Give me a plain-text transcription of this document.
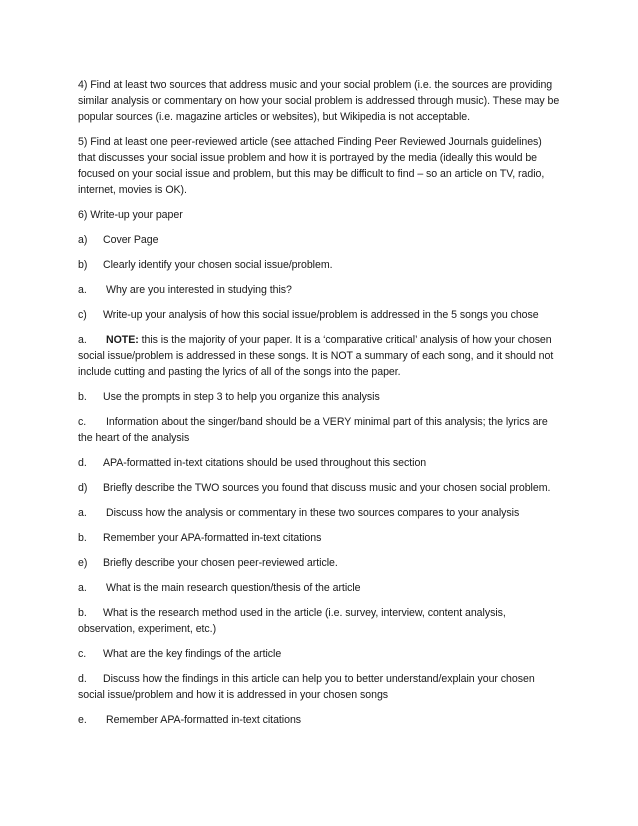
4) Find at least two sources that address music and your social problem (i.e. the sources are providing similar analysis or commentary on how your social problem is addressed through music). These may be popular sources (i.e. magazine articles or websites), but Wikipedia is not acceptable.

5) Find at least one peer-reviewed article (see attached Finding Peer Reviewed Journals guidelines) that discusses your social issue problem and how it is portrayed by the media (ideally this would be focused on your social issue and problem, but this may be difficult to find – so an article on TV, radio, internet, movies is OK).

6) Write-up your paper

a) Cover Page

b) Clearly identify your chosen social issue/problem.

a. Why are you interested in studying this?

c) Write-up your analysis of how this social issue/problem is addressed in the 5 songs you chose

a. NOTE: this is the majority of your paper. It is a ‘comparative critical’ analysis of how your chosen social issue/problem is addressed in these songs. It is NOT a summary of each song, and it should not include cutting and pasting the lyrics of all of the songs into the paper.

b. Use the prompts in step 3 to help you organize this analysis

c. Information about the singer/band should be a VERY minimal part of this analysis; the lyrics are the heart of the analysis

d. APA-formatted in-text citations should be used throughout this section

d) Briefly describe the TWO sources you found that discuss music and your chosen social problem.

a. Discuss how the analysis or commentary in these two sources compares to your analysis

b. Remember your APA-formatted in-text citations

e) Briefly describe your chosen peer-reviewed article.

a. What is the main research question/thesis of the article

b. What is the research method used in the article (i.e. survey, interview, content analysis, observation, experiment, etc.)

c. What are the key findings of the article

d. Discuss how the findings in this article can help you to better understand/explain your chosen social issue/problem and how it is addressed in your chosen songs

e. Remember APA-formatted in-text citations
